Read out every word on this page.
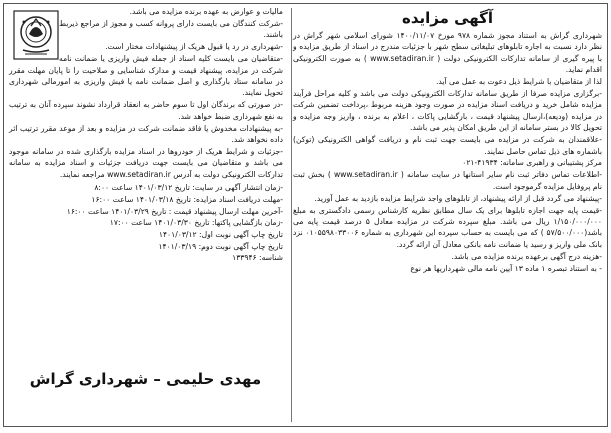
آگهی مزایده

شهرداری گراش به استناد مجوز شماره ۹۷۸ مورخ ۱۴۰۰/۱۱/۰۷ شورای اسلامی شهر گراش در نظر دارد نسبت به اجاره تابلوهای تبلیغاتی سطح شهر با جزئیات مندرج در اسناد از طریق مزایده و با پیره گیری از سامانه تدارکات الکترونیکی دولت ( www.setadiran.ir ) به صورت الکترونیکی اقدام نماید.

لذا از متقاضیان با شرایط ذیل دعوت به عمل می آید.

-برگزاری مزایده صرفا از طریق سامانه تدارکات الکترونیکی دولت می باشد و کلیه مراحل فرآیند مزایده شامل خرید و دریافت اسناد مزایده در صورت وجود هزینه مربوط ،پرداخت تضمین شرکت در مزایده (ودیعه)،ارسال پیشنهاد قیمت ، بارگشایی پاکات ، اعلام به برنده ، واریز وجه مزایده و تحویل کالا در بستر سامانه از این طریق امکان پذیر می باشد.

-علاقمندان به شرکت در مزایده می بایست جهت ثبت نام و دریافت گواهی الکترونیکی (توکن) باشماره های ذیل تماس حاصل نمایند.

مرکز پشتیبانی و راهبری سامانه: ۴۱۹۳۴-۰۲۱

-اطلاعات تماس دفاتر ثبت نام سایر استانها در سایت سامانه ( www.setadiran.ir ) بخش ثبت نام پروفایل مزایده گرموجود است.

-پیشنهاد می گردد قبل از ارائه پیشنهاد، از تابلوهای واجد شرایط مزایده بازدید به عمل آورید.

-قیمت پایه جهت اجاره تابلوها برای یک سال مطابق نظریه کارشناس رسمی دادگستری به مبلغ ۱/۱۵۰/۰۰۰/۰۰۰ ریال می باشد. مبلغ سپرده شرکت در مزایده معادل ۵ درصد قیمت پایه می باشد(۵۷/۵۰۰/۰۰۰ ) که می بایست به حساب سپرده این شهرداری به شماره ۰۱۰۵۵۹۸۰۳۳۰۰۶ نزد بانک ملی واریز و رسید یا ضمانت نامه بانکی معادل آن ارائه گردد.

-هزینه درج آگهی برعهده برنده مزایده می باشد.

- به استناد تبصره ۱ ماده ۱۳ آیین نامه مالی شهرداریها هر نوع

مالیات و عوارض به عهده برنده مزایده می باشد.

-شرکت کنندگان می بایست دارای پروانه کسب و مجوز از مراجع ذیربط باشند.

-شهرداری در رد یا قبول هریک از پیشنهادات مختار است.

-متقاضیان می بایست کلیه اسناد از جمله فیش واریزی یا ضمانت نامه شرکت در مزایده، پیشنهاد قیمت و مدارک شناسایی و صلاحیت را تا پایان مهلت مقرر در سامانه ستاد بارگذاری و اصل ضمانت نامه یا فیش واریزی به امورمالی شهرداری تحویل نمایند.

-در صورتی که برندگان اول تا سوم حاضر به انعقاد قرارداد نشوند سپرده آنان به ترتیب به نفع شهرداری ضبط خواهد شد.

-به پیشنهادات مخدوش یا فاقد ضمانت شرکت در مزایده و بعد از موعد مقرر ترتیب اثر داده نخواهد شد.

-جزئیات و شرایط هریک از خودروها در اسناد مزایده بارگذاری شده در سامانه موجود می باشد و متقاضیان می بایست جهت دریافت جزئیات و اسناد مزایده به سامانه تدارکات الکترونیکی دولت به آدرس www.setadiran.ir مراجعه نمایند.

-زمان انتشار آگهی در سایت: تاریخ ۱۴۰۱/۰۳/۱۲ ساعت ۸:۰۰

-مهلت دریافت اسناد مزایده: تاریخ ۱۴۰۱/۰۳/۱۸ ساعت ۱۶:۰۰

-آخرین مهلت ارسال پیشنهاد قیمت : تاریخ ۱۴۰۱/۰۳/۲۹ ساعت ۱۶:۰۰

-زمان بازگشایی پاکتها: تاریخ ۱۴۰۱/۰۳/۳۰ ساعت ۱۷:۰۰

تاریخ چاپ آگهی نوبت اول: ۱۴۰۱/۰۳/۱۲

تاریخ چاپ آگهی نوبت دوم: ۱۴۰۱/۰۳/۱۹

شناسه: ۱۳۳۹۴۶

مهدی حلیمی – شهرداری گراش
